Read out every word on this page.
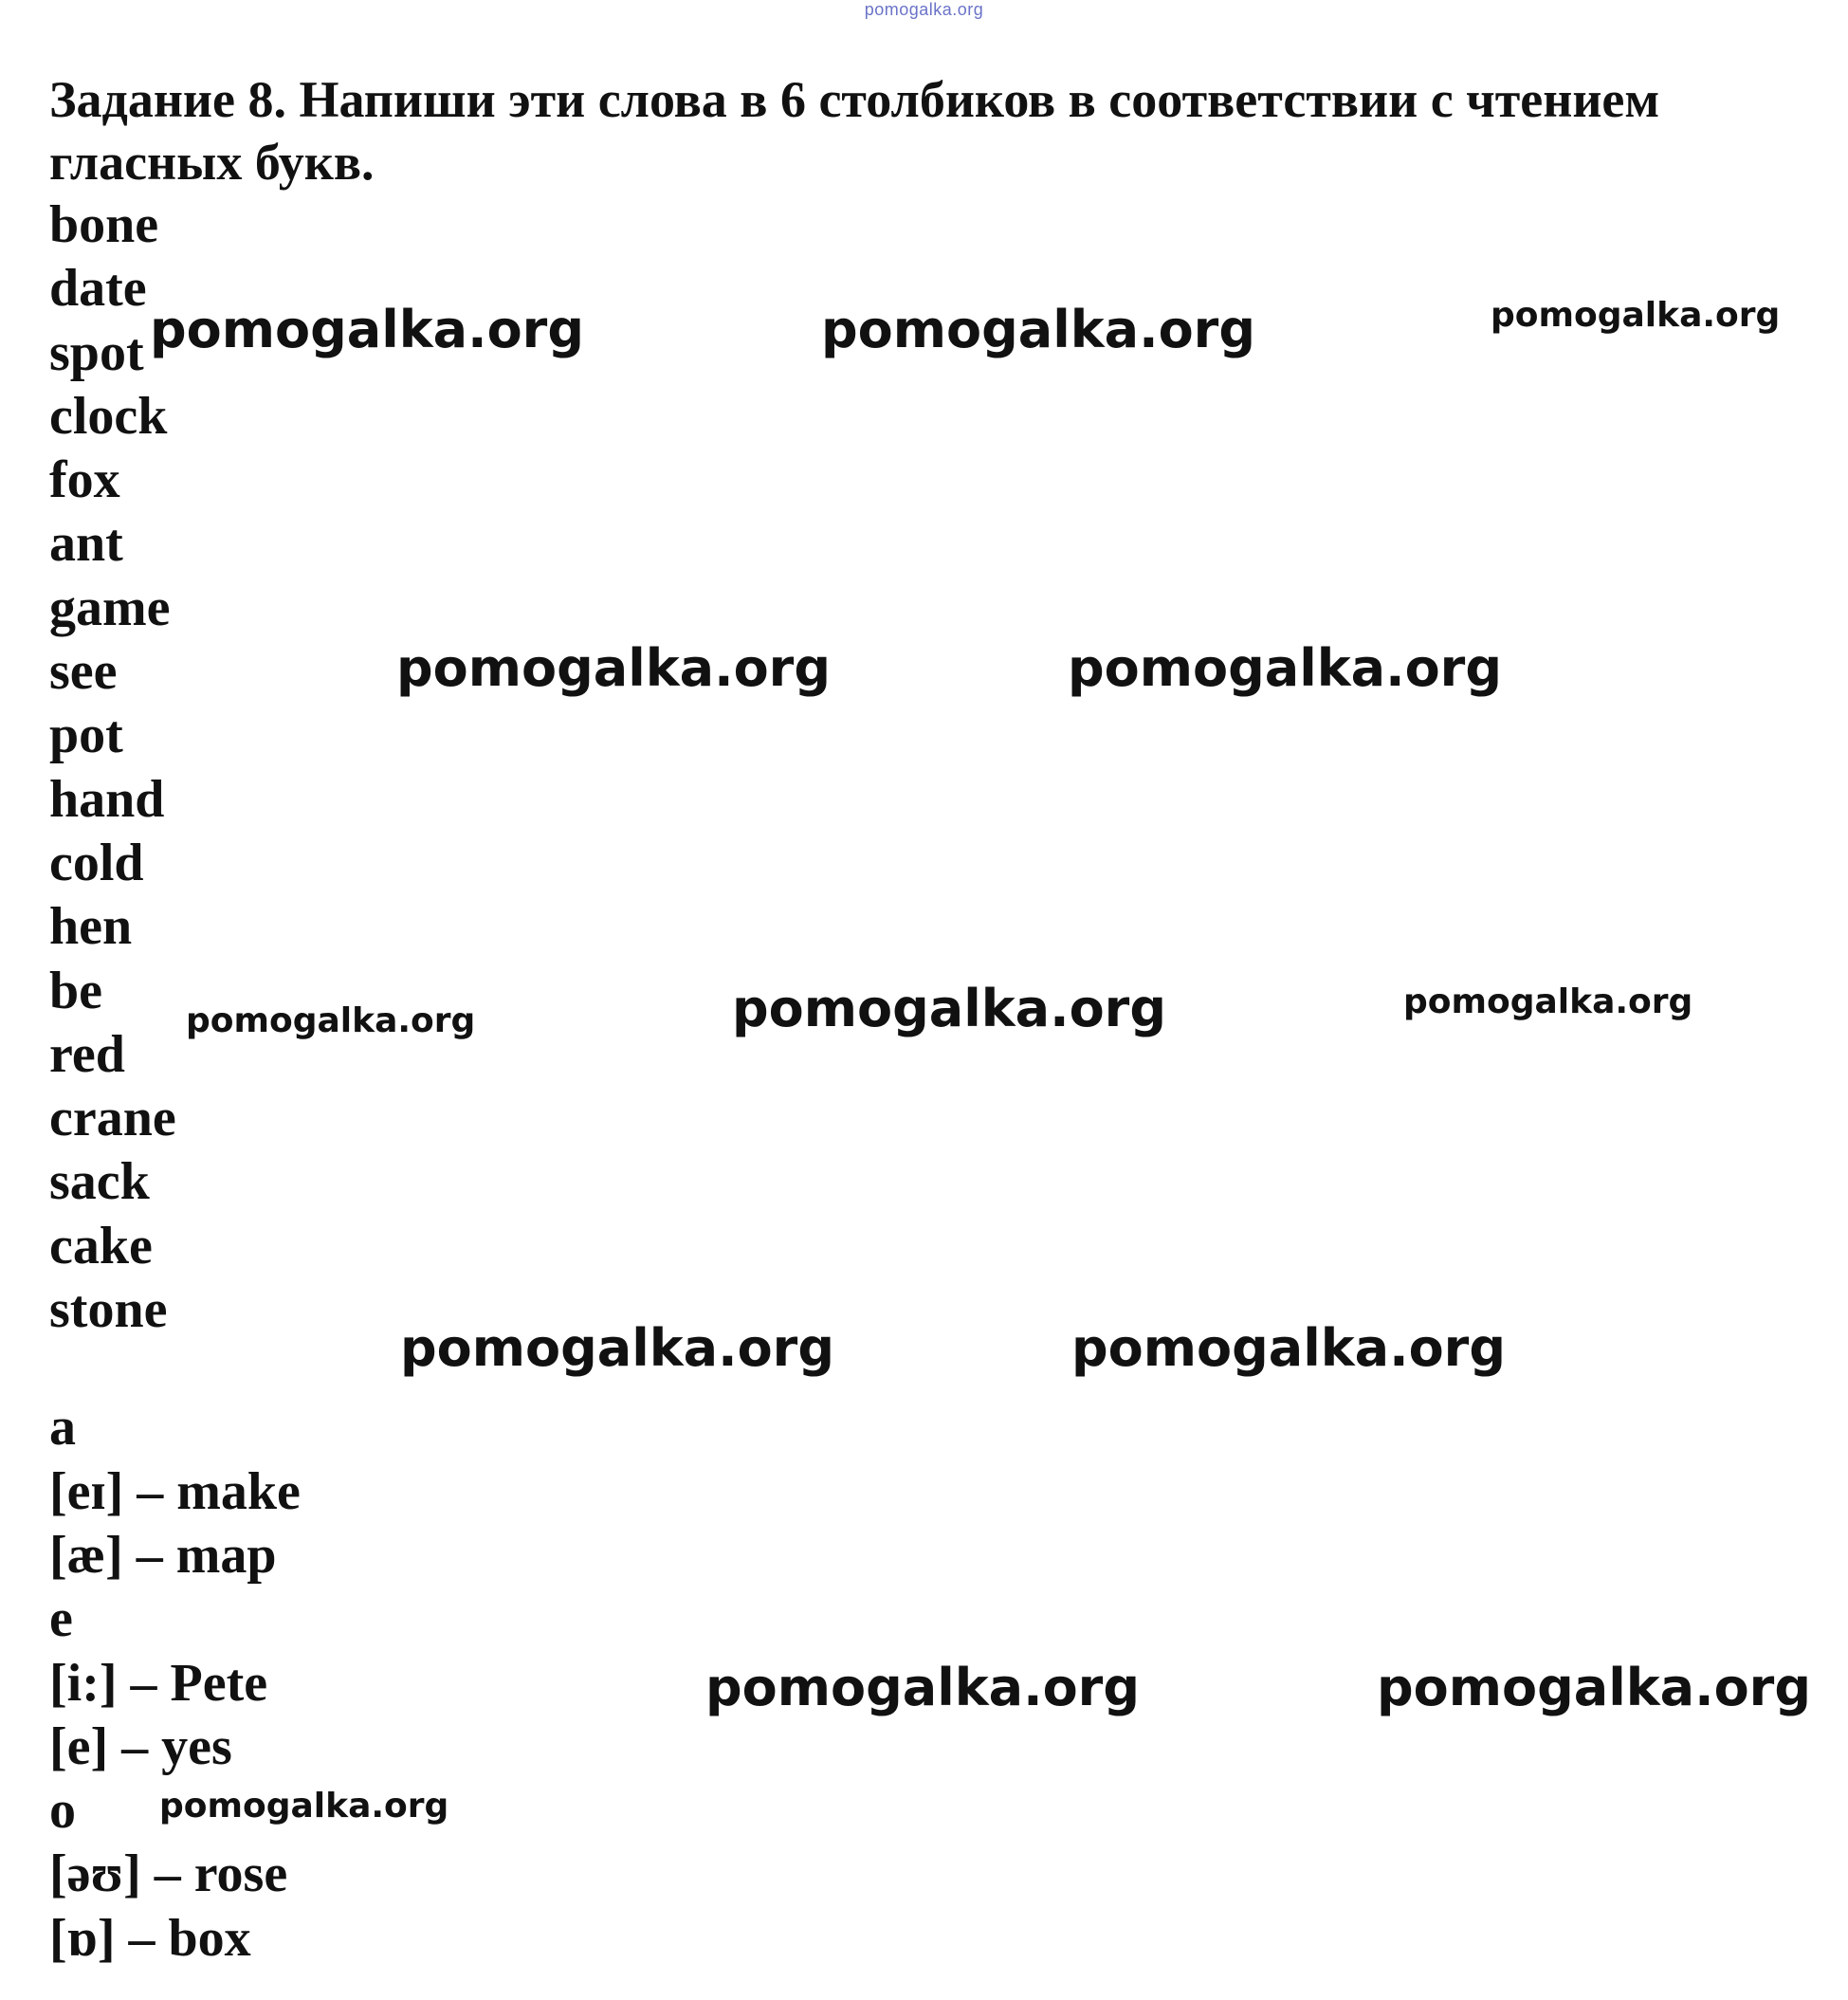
pomogalka.org

Задание 8. Напиши эти слова в 6 столбиков в соответствии с чтением гласных букв.

bone
date
spot
clock
fox
ant
game
see
pot
hand
cold
hen
be
red
crane
sack
cake
stone
a
[eɪ] – make
[æ] – map
e
[i:] – Pete
[e] – yes
o
[əʊ] – rose
[ɒ] – box
pomogalka.org	pomogalka.org	pomogalka.org
pomogalka.org	pomogalka.org
pomogalka.org	pomogalka.org	pomogalka.org
pomogalka.org	pomogalka.org
pomogalka.org	pomogalka.org
pomogalka.org
